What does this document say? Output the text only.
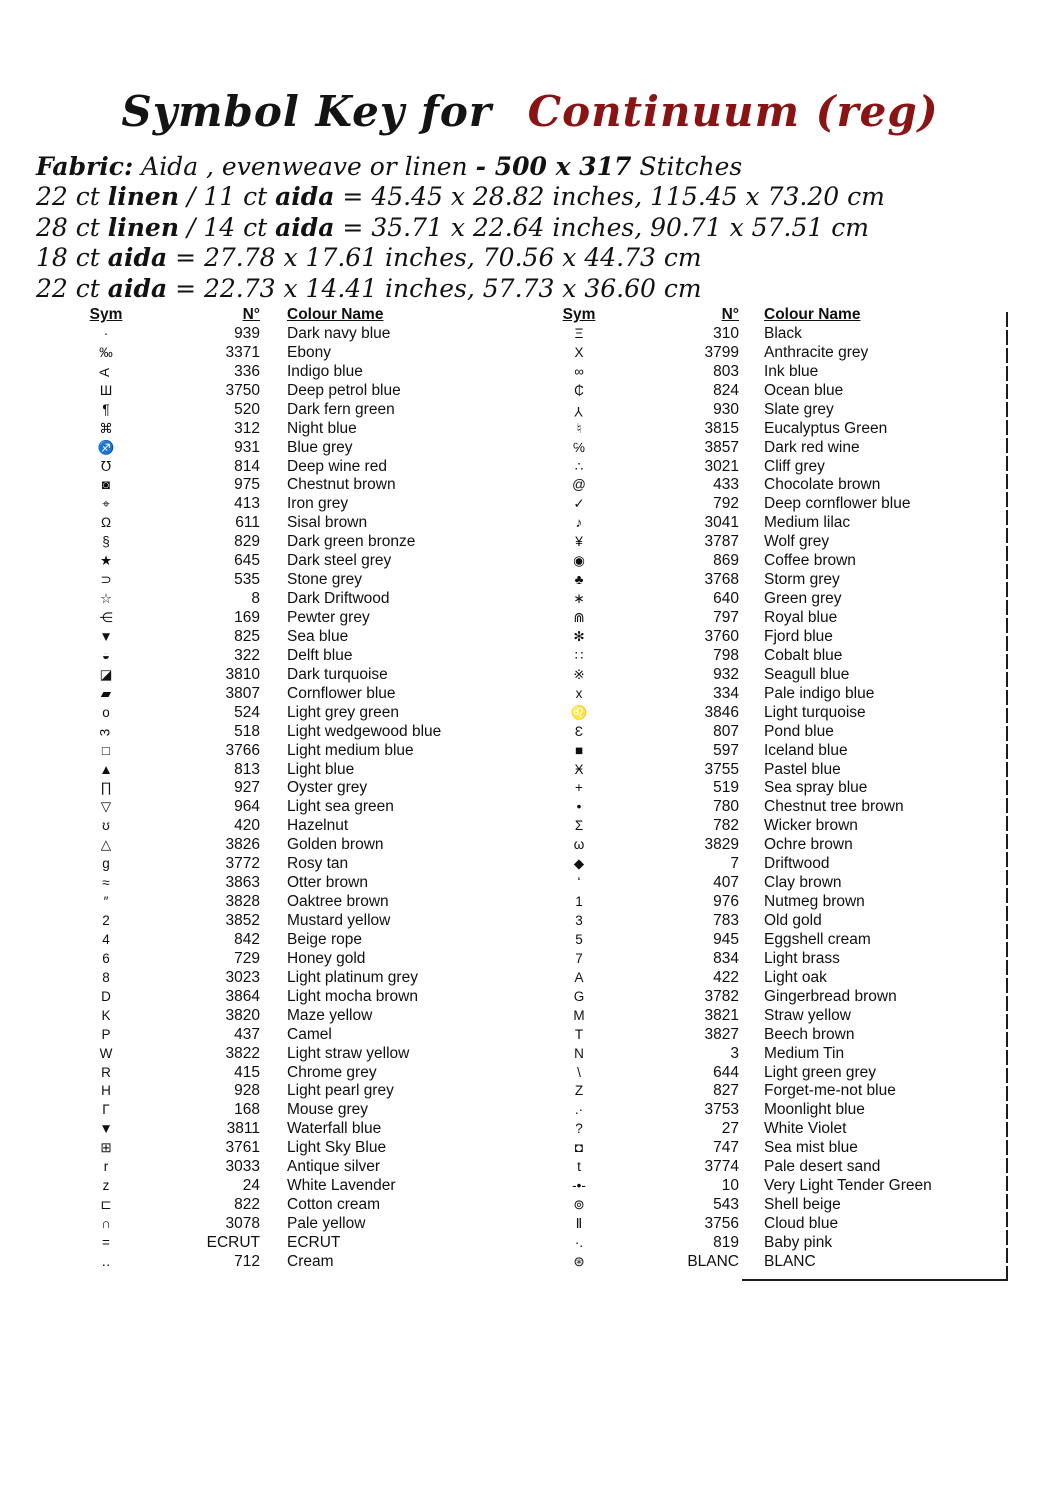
Symbol Key for Continuum (reg)
Fabric: Aida , evenweave or linen - 500 x 317 Stitches
22 ct linen / 11 ct aida = 45.45 x 28.82 inches, 115.45 x 73.20 cm
28 ct linen / 14 ct aida = 35.71 x 22.64 inches, 90.71 x 57.51 cm
18 ct aida = 27.78 x 17.61 inches, 70.56 x 44.73 cm
22 ct aida = 22.73 x 14.41 inches, 57.73 x 36.60 cm
Sym	N°	Colour Name
·	939	Dark navy blue
‰	3371	Ebony
A	336	Indigo blue
Ш	3750	Deep petrol blue
¶	520	Dark fern green
⌘	312	Night blue
♐	931	Blue grey
℧	814	Deep wine red
◙	975	Chestnut brown
⌖	413	Iron grey
Ω	611	Sisal brown
§	829	Dark green bronze
★	645	Dark steel grey
⊃	535	Stone grey
☆	8	Dark Driftwood
⋲	169	Pewter grey
▼	825	Sea blue
◒	322	Delft blue
◪	3810	Dark turquoise
▰	3807	Cornflower blue
o	524	Light grey green
3	518	Light wedgewood blue
□	3766	Light medium blue
▲	813	Light blue
∏	927	Oyster grey
▽	964	Light sea green
ʊ	420	Hazelnut
△	3826	Golden brown
g	3772	Rosy tan
≈	3863	Otter brown
″	3828	Oaktree brown
2	3852	Mustard yellow
4	842	Beige rope
6	729	Honey gold
8	3023	Light platinum grey
D	3864	Light mocha brown
K	3820	Maze yellow
P	437	Camel
W	3822	Light straw yellow
R	415	Chrome grey
H	928	Light pearl grey
Γ	168	Mouse grey
▼	3811	Waterfall blue
⊞	3761	Light Sky Blue
r	3033	Antique silver
z	24	White Lavender
⊏	822	Cotton cream
∩	3078	Pale yellow
=	ECRUT	ECRUT
‥	712	Cream
Sym	N°	Colour Name
Ξ	310	Black
X	3799	Anthracite grey
∞	803	Ink blue
₵	824	Ocean blue
Y	930	Slate grey
♮	3815	Eucalyptus Green
℅	3857	Dark red wine
∴	3021	Cliff grey
@	433	Chocolate brown
✓	792	Deep cornflower blue
♪	3041	Medium lilac
¥	3787	Wolf grey
◉	869	Coffee brown
♣	3768	Storm grey
∗	640	Green grey
⋒	797	Royal blue
✻	3760	Fjord blue
∷	798	Cobalt blue
※	932	Seagull blue
x	334	Pale indigo blue
♌	3846	Light turquoise
Ɛ	807	Pond blue
■	597	Iceland blue
Ӿ	3755	Pastel blue
+	519	Sea spray blue
•	780	Chestnut tree brown
Σ	782	Wicker brown
ω	3829	Ochre brown
◆	7	Driftwood
ʻ	407	Clay brown
1	976	Nutmeg brown
3	783	Old gold
5	945	Eggshell cream
7	834	Light brass
A	422	Light oak
G	3782	Gingerbread brown
M	3821	Straw yellow
T	3827	Beech brown
N	3	Medium Tin
\	644	Light green grey
Z	827	Forget-me-not blue
.·	3753	Moonlight blue
?	27	White Violet
◘	747	Sea mist blue
t	3774	Pale desert sand
-•-	10	Very Light Tender Green
⊚	543	Shell beige
Ⅱ	3756	Cloud blue
·.	819	Baby pink
⊛	BLANC	BLANC
